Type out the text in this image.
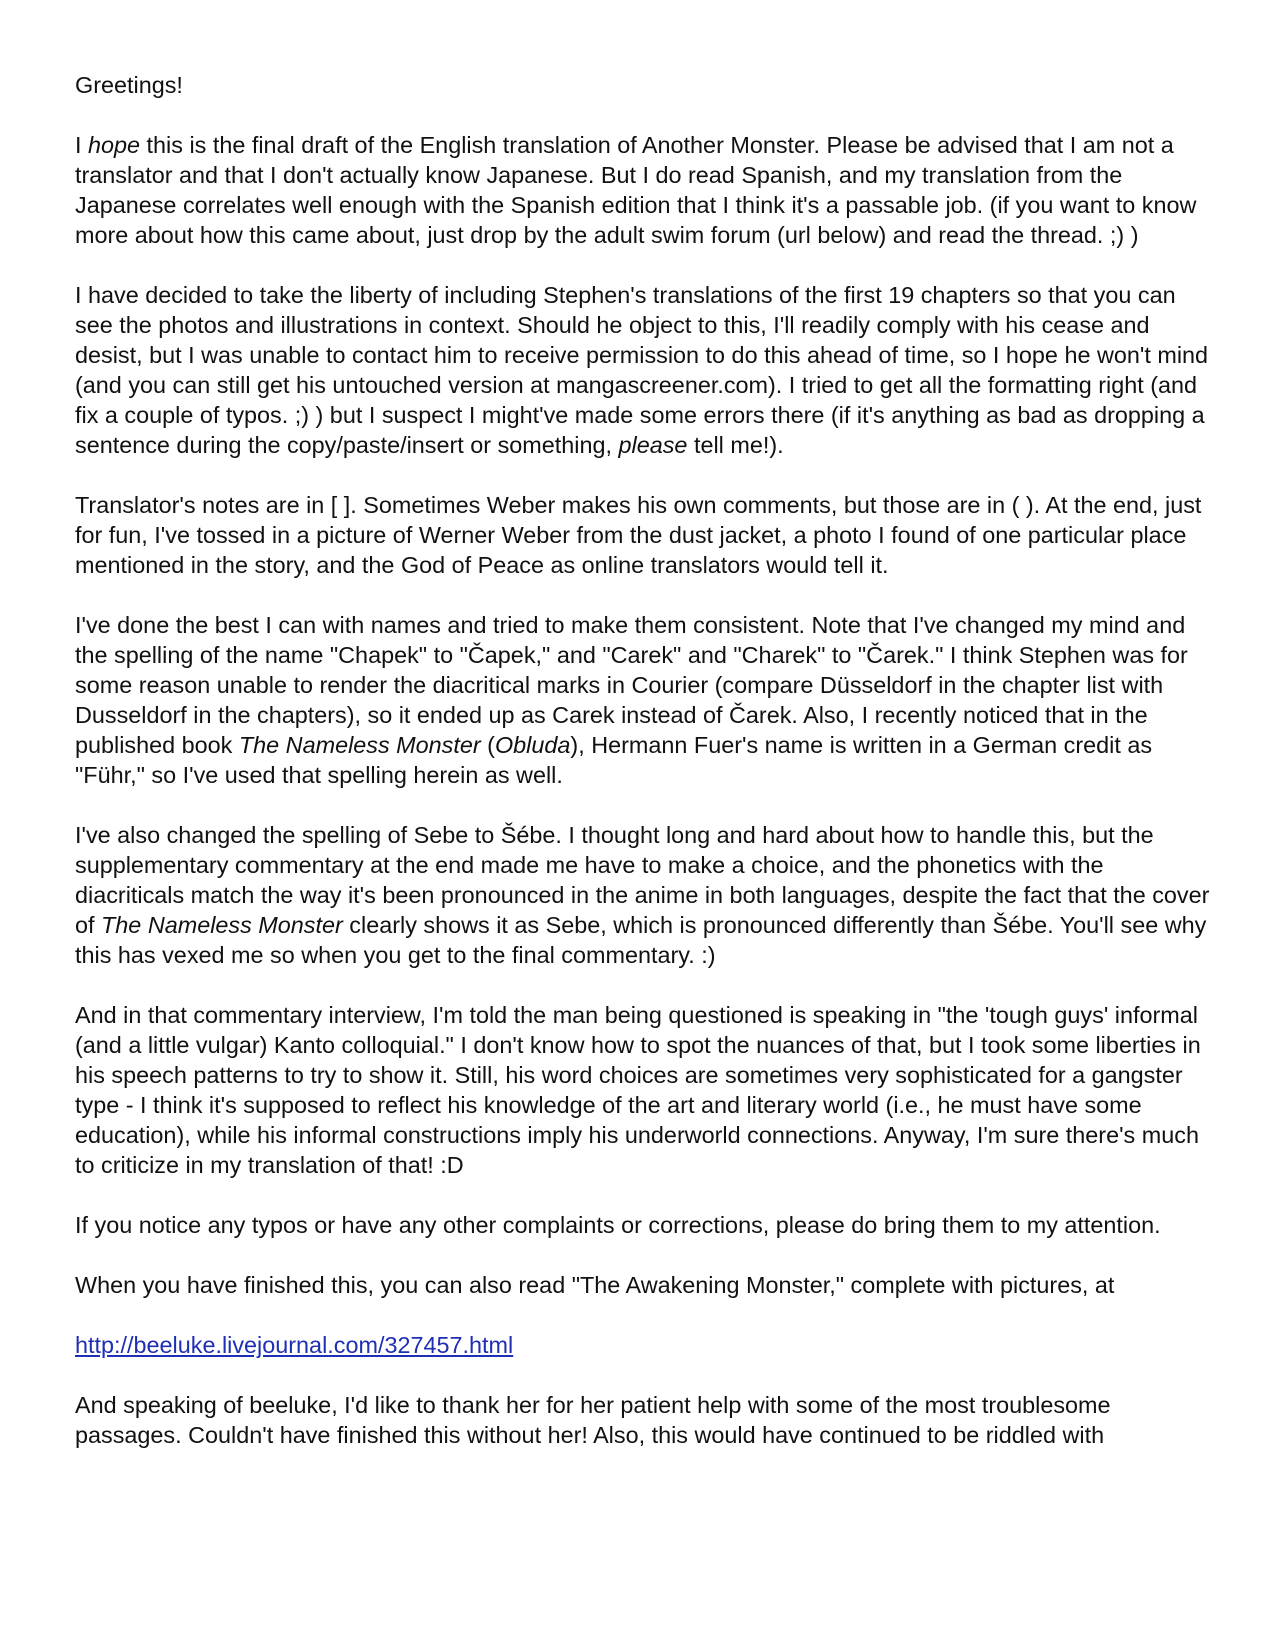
Greetings!

I hope this is the final draft of the English translation of Another Monster. Please be advised that I am not a translator and that I don't actually know Japanese. But I do read Spanish, and my translation from the Japanese correlates well enough with the Spanish edition that I think it's a passable job. (if you want to know more about how this came about, just drop by the adult swim forum (url below) and read the thread. ;) )

I have decided to take the liberty of including Stephen's translations of the first 19 chapters so that you can see the photos and illustrations in context. Should he object to this, I'll readily comply with his cease and desist, but I was unable to contact him to receive permission to do this ahead of time, so I hope he won't mind (and you can still get his untouched version at mangascreener.com). I tried to get all the formatting right (and fix a couple of typos. ;) ) but I suspect I might've made some errors there (if it's anything as bad as dropping a sentence during the copy/paste/insert or something, please tell me!).

Translator's notes are in [ ]. Sometimes Weber makes his own comments, but those are in ( ). At the end, just for fun, I've tossed in a picture of Werner Weber from the dust jacket, a photo I found of one particular place mentioned in the story, and the God of Peace as online translators would tell it.

I've done the best I can with names and tried to make them consistent. Note that I've changed my mind and the spelling of the name "Chapek" to "Čapek," and "Carek" and "Charek" to "Čarek." I think Stephen was for some reason unable to render the diacritical marks in Courier (compare Düsseldorf in the chapter list with Dusseldorf in the chapters), so it ended up as Carek instead of Čarek. Also, I recently noticed that in the published book The Nameless Monster (Obluda), Hermann Fuer's name is written in a German credit as "Führ," so I've used that spelling herein as well.

I've also changed the spelling of Sebe to Šébe. I thought long and hard about how to handle this, but the supplementary commentary at the end made me have to make a choice, and the phonetics with the diacriticals match the way it's been pronounced in the anime in both languages, despite the fact that the cover of The Nameless Monster clearly shows it as Sebe, which is pronounced differently than Šébe. You'll see why this has vexed me so when you get to the final commentary. :)

And in that commentary interview, I'm told the man being questioned is speaking in "the 'tough guys' informal (and a little vulgar) Kanto colloquial." I don't know how to spot the nuances of that, but I took some liberties in his speech patterns to try to show it. Still, his word choices are sometimes very sophisticated for a gangster type - I think it's supposed to reflect his knowledge of the art and literary world (i.e., he must have some education), while his informal constructions imply his underworld connections. Anyway, I'm sure there's much to criticize in my translation of that! :D

If you notice any typos or have any other complaints or corrections, please do bring them to my attention.

When you have finished this, you can also read "The Awakening Monster," complete with pictures, at

http://beeluke.livejournal.com/327457.html

And speaking of beeluke, I'd like to thank her for her patient help with some of the most troublesome passages. Couldn't have finished this without her! Also, this would have continued to be riddled with
